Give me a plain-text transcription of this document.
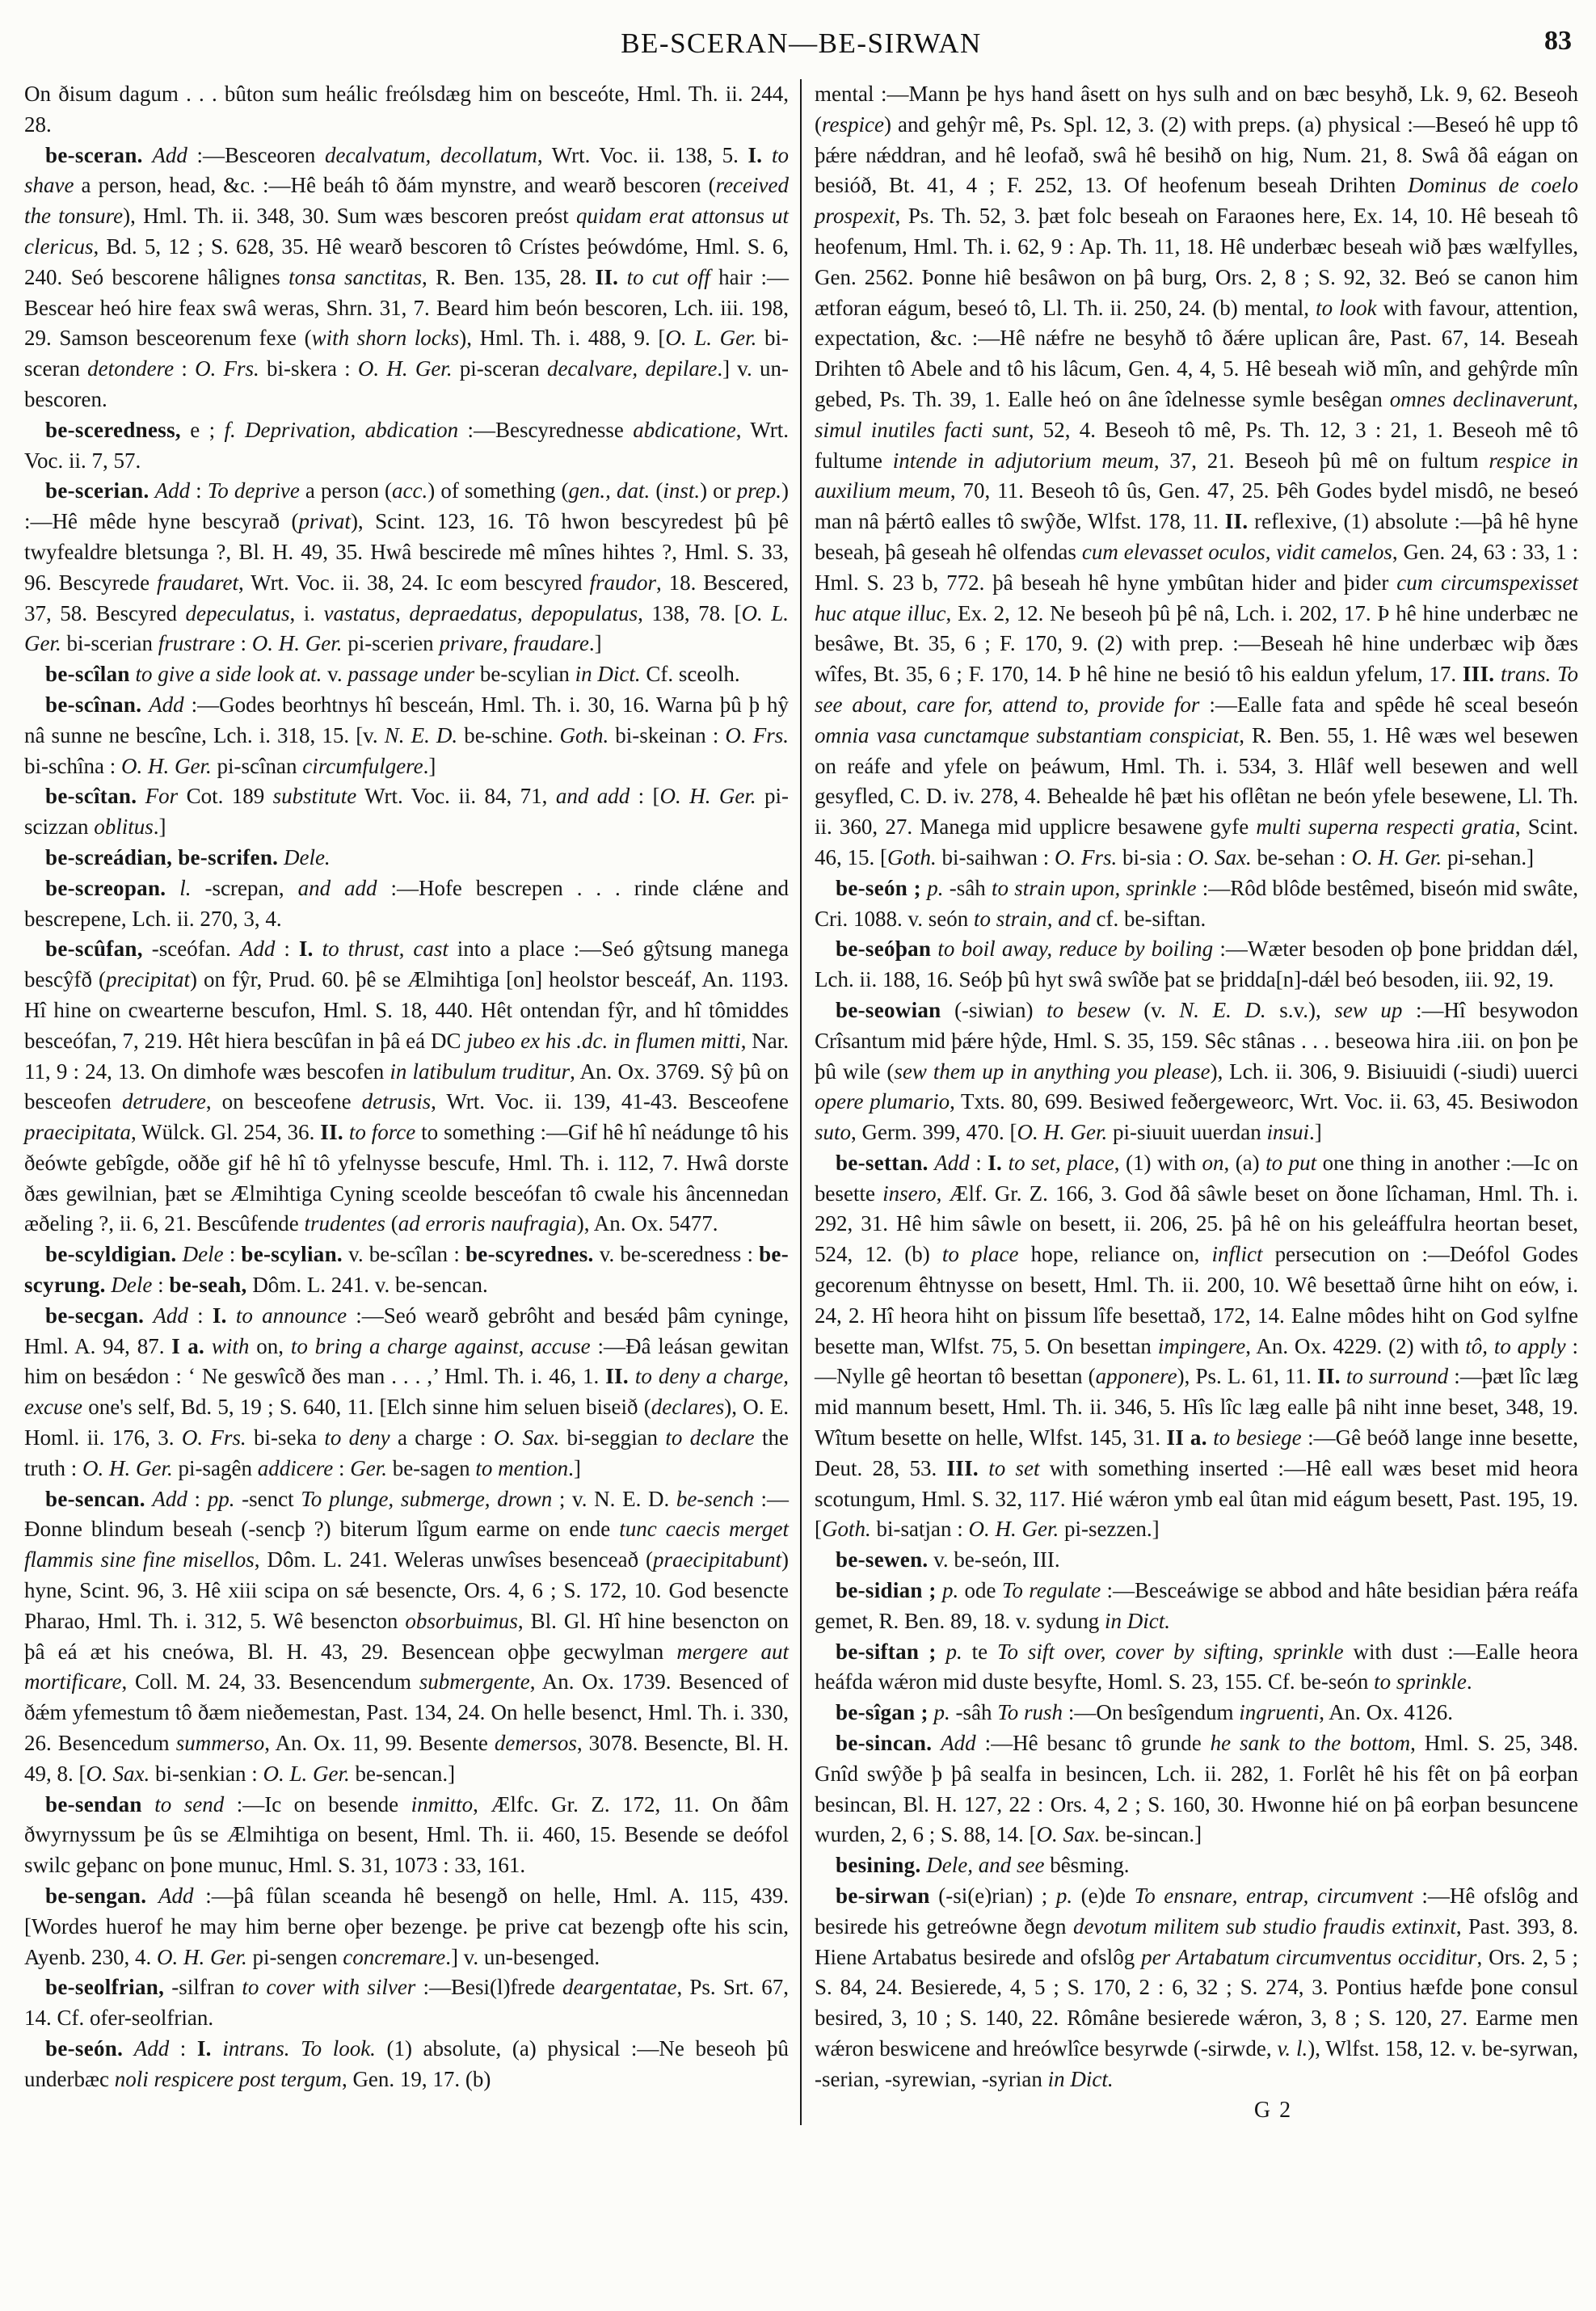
BE-SCERAN—BE-SIRWAN	83

On ðisum dagum . . . bûton sum heálic freólsdæg him on besceóte, Hml. Th. ii. 244, 28.

be-sceran. Add :—Besceoren decalvatum, decollatum, Wrt. Voc. ii. 138, 5. I. to shave a person, head, &c. :—Hê beáh tô ðám mynstre, and wearð bescoren (received the tonsure), Hml. Th. ii. 348, 30. Sum wæs bescoren preóst quidam erat attonsus ut clericus, Bd. 5, 12 ; S. 628, 35. Hê wearð bescoren tô Crístes þeówdóme, Hml. S. 6, 240. Seó bescorene hâlignes tonsa sanctitas, R. Ben. 135, 28. II. to cut off hair :—Bescear heó hire feax swâ weras, Shrn. 31, 7. Beard him beón bescoren, Lch. iii. 198, 29. Samson besceorenum fexe (with shorn locks), Hml. Th. i. 488, 9. [O. L. Ger. bi-sceran detondere : O. Frs. bi-skera : O. H. Ger. pi-sceran decalvare, depilare.] v. un-bescoren.

be-sceredness, e ; f. Deprivation, abdication :—Bescyrednesse abdicatione, Wrt. Voc. ii. 7, 57.

be-scerian. Add : To deprive a person (acc.) of something (gen., dat. (inst.) or prep.) :—Hê mêde hyne bescyrað (privat), Scint. 123, 16. Tô hwon bescyredest þû þê twyfealdre bletsunga ?, Bl. H. 49, 35. Hwâ bescirede mê mînes hihtes ?, Hml. S. 33, 96. Bescyrede fraudaret, Wrt. Voc. ii. 38, 24. Ic eom bescyred fraudor, 18. Bescered, 37, 58. Bescyred depeculatus, i. vastatus, depraedatus, depopulatus, 138, 78. [O. L. Ger. bi-scerian frustrare : O. H. Ger. pi-scerien privare, fraudare.]

be-scîlan to give a side look at. v. passage under be-scylian in Dict. Cf. sceolh.

be-scînan. Add :—Godes beorhtnys hî besceán, Hml. Th. i. 30, 16. Warna þû þ hŷ nâ sunne ne bescîne, Lch. i. 318, 15. [v. N. E. D. be-schine. Goth. bi-skeinan : O. Frs. bi-schîna : O. H. Ger. pi-scînan circumfulgere.]

be-scîtan. For Cot. 189 substitute Wrt. Voc. ii. 84, 71, and add : [O. H. Ger. pi-scizzan oblitus.]

be-screádian, be-scrifen. Dele.

be-screopan. l. -screpan, and add :—Hofe bescrepen . . . rinde clǽne and bescrepene, Lch. ii. 270, 3, 4.

be-scûfan, -sceófan. Add : I. to thrust, cast into a place :—Seó gŷtsung manega bescŷfð (precipitat) on fŷr, Prud. 60. þê se Ælmihtiga [on] heolstor besceáf, An. 1193. Hî hine on cwearterne bescufon, Hml. S. 18, 440. Hêt ontendan fŷr, and hî tômiddes besceófan, 7, 219. Hêt hiera bescûfan in þâ eá DC jubeo ex his .dc. in flumen mitti, Nar. 11, 9 : 24, 13. On dimhofe wæs bescofen in latibulum truditur, An. Ox. 3769. Sŷ þû on besceofen detrudere, on besceofene detrusis, Wrt. Voc. ii. 139, 41-43. Besceofene praecipitata, Wülck. Gl. 254, 36. II. to force to something :—Gif hê hî neádunge tô his ðeówte gebîgde, oððe gif hê hî tô yfelnysse bescufe, Hml. Th. i. 112, 7. Hwâ dorste ðæs gewilnian, þæt se Ælmihtiga Cyning sceolde besceófan tô cwale his âncennedan æðeling ?, ii. 6, 21. Bescûfende trudentes (ad erroris naufragia), An. Ox. 5477.

be-scyldigian. Dele : be-scylian. v. be-scîlan : be-scyrednes. v. be-sceredness : be-scyrung. Dele : be-seah, Dôm. L. 241. v. be-sencan.

be-secgan. Add : I. to announce :—Seó wearð gebrôht and besǽd þâm cyninge, Hml. A. 94, 87. I a. with on, to bring a charge against, accuse :—Ðâ leásan gewitan him on besǽdon : ‘ Ne geswîcð ðes man . . . ,’ Hml. Th. i. 46, 1. II. to deny a charge, excuse one's self, Bd. 5, 19 ; S. 640, 11. [Elch sinne him seluen biseið (declares), O. E. Homl. ii. 176, 3. O. Frs. bi-seka to deny a charge : O. Sax. bi-seggian to declare the truth : O. H. Ger. pi-sagên addicere : Ger. be-sagen to mention.]

be-sencan. Add : pp. -senct To plunge, submerge, drown ; v. N. E. D. be-sench :—Ðonne blindum beseah (-sencþ ?) biterum lîgum earme on ende tunc caecis merget flammis sine fine misellos, Dôm. L. 241. Weleras unwîses besenceað (praecipitabunt) hyne, Scint. 96, 3. Hê xiii scipa on sǽ besencte, Ors. 4, 6 ; S. 172, 10. God besencte Pharao, Hml. Th. i. 312, 5. Wê besencton obsorbuimus, Bl. Gl. Hî hine besencton on þâ eá æt his cneówa, Bl. H. 43, 29. Besencean oþþe gecwylman mergere aut mortificare, Coll. M. 24, 33. Besencendum submergente, An. Ox. 1739. Besenced of ðǽm yfemestum tô ðæm nieðemestan, Past. 134, 24. On helle besenct, Hml. Th. i. 330, 26. Besencedum summerso, An. Ox. 11, 99. Besente demersos, 3078. Besencte, Bl. H. 49, 8. [O. Sax. bi-senkian : O. L. Ger. be-sencan.]

be-sendan to send :—Ic on besende inmitto, Ælfc. Gr. Z. 172, 11. On ðâm ðwyrnyssum þe ûs se Ælmihtiga on besent, Hml. Th. ii. 460, 15. Besende se deófol swilc geþanc on þone munuc, Hml. S. 31, 1073 : 33, 161.

be-sengan. Add :—þâ fûlan sceanda hê besengð on helle, Hml. A. 115, 439. [Wordes huerof he may him berne oþer bezenge. þe prive cat bezengþ ofte his scin, Ayenb. 230, 4. O. H. Ger. pi-sengen concremare.] v. un-besenged.

be-seolfrian, -silfran to cover with silver :—Besi(l)frede deargentatae, Ps. Srt. 67, 14. Cf. ofer-seolfrian.

be-seón. Add : I. intrans. To look. (1) absolute, (a) physical :—Ne beseoh þû underbæc noli respicere post tergum, Gen. 19, 17. (b)

mental :—Mann þe hys hand âsett on hys sulh and on bæc besyhð, Lk. 9, 62. Beseoh (respice) and gehŷr mê, Ps. Spl. 12, 3. (2) with preps. (a) physical :—Beseó hê upp tô þǽre nǽddran, and hê leofað, swâ hê besihð on hig, Num. 21, 8. Swâ ðâ eágan on besióð, Bt. 41, 4 ; F. 252, 13. Of heofenum beseah Drihten Dominus de coelo prospexit, Ps. Th. 52, 3. þæt folc beseah on Faraones here, Ex. 14, 10. Hê beseah tô heofenum, Hml. Th. i. 62, 9 : Ap. Th. 11, 18. Hê underbæc beseah wið þæs wælfylles, Gen. 2562. Þonne hiê besâwon on þâ burg, Ors. 2, 8 ; S. 92, 32. Beó se canon him ætforan eágum, beseó tô, Ll. Th. ii. 250, 24. (b) mental, to look with favour, attention, expectation, &c. :—Hê nǽfre ne besyhð tô ðǽre uplican âre, Past. 67, 14. Beseah Drihten tô Abele and tô his lâcum, Gen. 4, 4, 5. Hê beseah wið mîn, and gehŷrde mîn gebed, Ps. Th. 39, 1. Ealle heó on âne îdelnesse symle besêgan omnes declinaverunt, simul inutiles facti sunt, 52, 4. Beseoh tô mê, Ps. Th. 12, 3 : 21, 1. Beseoh mê tô fultume intende in adjutorium meum, 37, 21. Beseoh þû mê on fultum respice in auxilium meum, 70, 11. Beseoh tô ûs, Gen. 47, 25. Þêh Godes bydel misdô, ne beseó man nâ þǽrtô ealles tô swŷðe, Wlfst. 178, 11. II. reflexive, (1) absolute :—þâ hê hyne beseah, þâ geseah hê olfendas cum elevasset oculos, vidit camelos, Gen. 24, 63 : 33, 1 : Hml. S. 23 b, 772. þâ beseah hê hyne ymbûtan hider and þider cum circumspexisset huc atque illuc, Ex. 2, 12. Ne beseoh þû þê nâ, Lch. i. 202, 17. Þ hê hine underbæc ne besâwe, Bt. 35, 6 ; F. 170, 9. (2) with prep. :—Beseah hê hine underbæc wiþ ðæs wîfes, Bt. 35, 6 ; F. 170, 14. Þ hê hine ne besió tô his ealdun yfelum, 17. III. trans. To see about, care for, attend to, provide for :—Ealle fata and spêde hê sceal beseón omnia vasa cunctamque substantiam conspiciat, R. Ben. 55, 1. Hê wæs wel besewen on reáfe and yfele on þeáwum, Hml. Th. i. 534, 3. Hlâf well besewen and well gesyfled, C. D. iv. 278, 4. Behealde hê þæt his oflêtan ne beón yfele besewene, Ll. Th. ii. 360, 27. Manega mid upplicre besawene gyfe multi superna respecti gratia, Scint. 46, 15. [Goth. bi-saihwan : O. Frs. bi-sia : O. Sax. be-sehan : O. H. Ger. pi-sehan.]

be-seón ; p. -sâh to strain upon, sprinkle :—Rôd blôde bestêmed, biseón mid swâte, Cri. 1088. v. seón to strain, and cf. be-siftan.

be-seóþan to boil away, reduce by boiling :—Wæter besoden oþ þone þriddan dǽl, Lch. ii. 188, 16. Seóþ þû hyt swâ swîðe þat se þridda[n]-dǽl beó besoden, iii. 92, 19.

be-seowian (-siwian) to besew (v. N. E. D. s.v.), sew up :—Hî besywodon Crîsantum mid þǽre hŷde, Hml. S. 35, 159. Sêc stânas . . . beseowa hira .iii. on þon þe þû wile (sew them up in anything you please), Lch. ii. 306, 9. Bisiuuidi (-siudi) uuerci opere plumario, Txts. 80, 699. Besiwed feðergeweorc, Wrt. Voc. ii. 63, 45. Besiwodon suto, Germ. 399, 470. [O. H. Ger. pi-siuuit uuerdan insui.]

be-settan. Add : I. to set, place, (1) with on, (a) to put one thing in another :—Ic on besette insero, Ælf. Gr. Z. 166, 3. God ðâ sâwle beset on ðone lîchaman, Hml. Th. i. 292, 31. Hê him sâwle on besett, ii. 206, 25. þâ hê on his geleáffulra heortan beset, 524, 12. (b) to place hope, reliance on, inflict persecution on :—Deófol Godes gecorenum êhtnysse on besett, Hml. Th. ii. 200, 10. Wê besettað ûrne hiht on eów, i. 24, 2. Hî heora hiht on þissum lîfe besettað, 172, 14. Ealne môdes hiht on God sylfne besette man, Wlfst. 75, 5. On besettan impingere, An. Ox. 4229. (2) with tô, to apply :—Nylle gê heortan tô besettan (apponere), Ps. L. 61, 11. II. to surround :—þæt lîc læg mid mannum besett, Hml. Th. ii. 346, 5. Hîs lîc læg ealle þâ niht inne beset, 348, 19. Wîtum besette on helle, Wlfst. 145, 31. II a. to besiege :—Gê beóð lange inne besette, Deut. 28, 53. III. to set with something inserted :—Hê eall wæs beset mid heora scotungum, Hml. S. 32, 117. Hié wǽron ymb eal ûtan mid eágum besett, Past. 195, 19. [Goth. bi-satjan : O. H. Ger. pi-sezzen.]

be-sewen. v. be-seón, III.

be-sidian ; p. ode To regulate :—Besceáwige se abbod and hâte besidian þǽra reáfa gemet, R. Ben. 89, 18. v. sydung in Dict.

be-siftan ; p. te To sift over, cover by sifting, sprinkle with dust :—Ealle heora heáfda wǽron mid duste besyfte, Homl. S. 23, 155. Cf. be-seón to sprinkle.

be-sîgan ; p. -sâh To rush :—On besîgendum ingruenti, An. Ox. 4126.

be-sincan. Add :—Hê besanc tô grunde he sank to the bottom, Hml. S. 25, 348. Gnîd swŷðe þ þâ sealfa in besincen, Lch. ii. 282, 1. Forlêt hê his fêt on þâ eorþan besincan, Bl. H. 127, 22 : Ors. 4, 2 ; S. 160, 30. Hwonne hié on þâ eorþan besuncene wurden, 2, 6 ; S. 88, 14. [O. Sax. be-sincan.]

besining. Dele, and see bêsming.

be-sirwan (-si(e)rian) ; p. (e)de To ensnare, entrap, circumvent :—Hê ofslôg and besirede his getreówne ðegn devotum militem sub studio fraudis extinxit, Past. 393, 8. Hiene Artabatus besirede and ofslôg per Artabatum circumventus occiditur, Ors. 2, 5 ; S. 84, 24. Besierede, 4, 5 ; S. 170, 2 : 6, 32 ; S. 274, 3. Pontius hæfde þone consul besired, 3, 10 ; S. 140, 22. Rômâne besierede wǽron, 3, 8 ; S. 120, 27. Earme men wǽron beswicene and hreówlîce besyrwde (-sirwde, v. l.), Wlfst. 158, 12. v. be-syrwan, -serian, -syrewian, -syrian in Dict.

G 2
